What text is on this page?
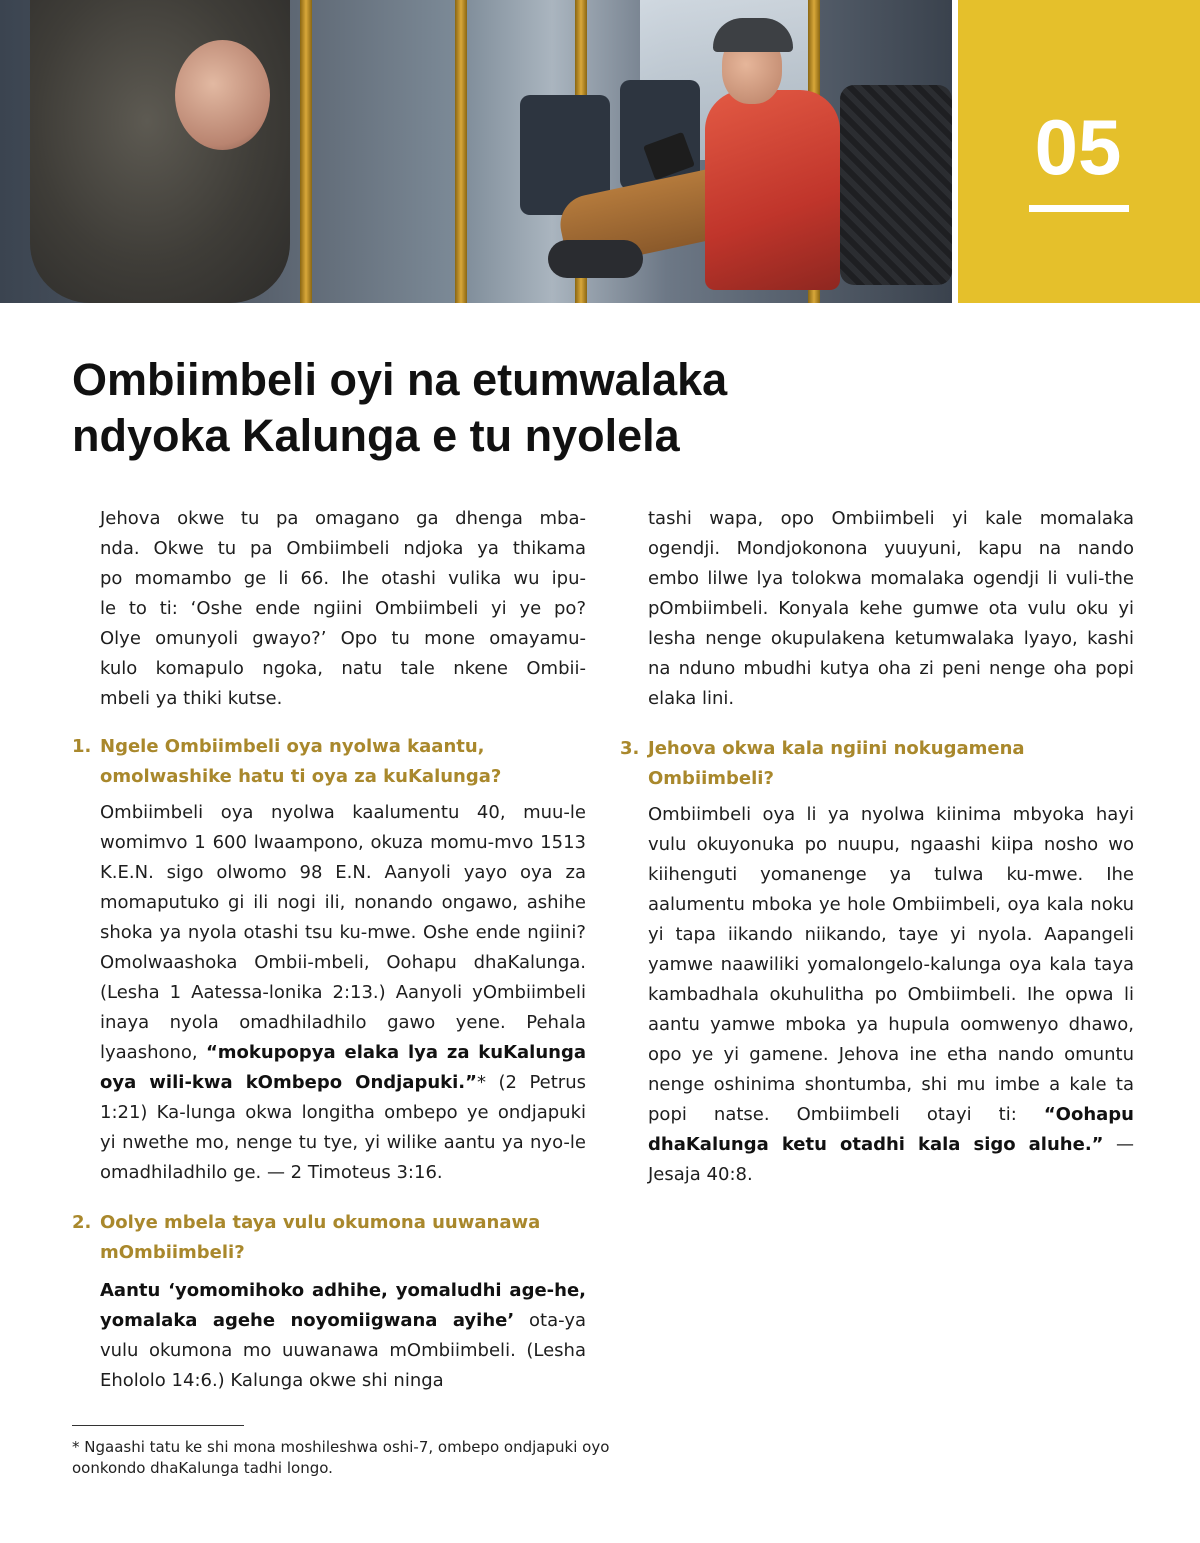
05
Ombiimbeli oyi na etumwalaka
ndyoka Kalunga e tu nyolela

Jehova okwe tu pa omagano ga dhenga mba-
nda. Okwe tu pa Ombiimbeli ndjoka ya thikama
po momambo ge li 66. Ihe otashi vulika wu ipu-
le to ti: ‘Oshe ende ngiini Ombiimbeli yi ye po?
Olye omunyoli gwayo?’ Opo tu mone omayamu-
kulo komapulo ngoka, natu tale nkene Ombii-
mbeli ya thiki kutse.

1. Ngele Ombiimbeli oya nyolwa kaantu,
omolwashike hatu ti oya za kuKalunga?

Ombiimbeli oya nyolwa kaalumentu 40, muu-le womimvo 1 600 lwaampono, okuza momu-mvo 1513 K.E.N. sigo olwomo 98 E.N. Aanyoli yayo oya za momaputuko gi ili nogi ili, nonando ongawo, ashihe shoka ya nyola otashi tsu ku-mwe. Oshe ende ngiini? Omolwaashoka Ombii-mbeli, Oohapu dhaKalunga. (Lesha 1 Aatessa-lonika 2:13.) Aanyoli yOmbiimbeli inaya nyola omadhiladhilo gawo yene. Pehala lyaashono, “mokupopya elaka lya za kuKalunga oya wili-kwa kOmbepo Ondjapuki.”* (2 Petrus 1:21) Ka-lunga okwa longitha ombepo ye ondjapuki yi nwethe mo, nenge tu tye, yi wilike aantu ya nyo-le omadhiladhilo ge. — 2 Timoteus 3:16.

2. Oolye mbela taya vulu okumona uuwanawa
mOmbiimbeli?

Aantu ‘yomomihoko adhihe, yomaludhi age-he, yomalaka agehe noyomiigwana ayihe’ ota-ya vulu okumona mo uuwanawa mOmbiimbeli. (Lesha Ehololo 14:6.) Kalunga okwe shi ninga

tashi wapa, opo Ombiimbeli yi kale momalaka ogendji. Mondjokonona yuuyuni, kapu na nando embo lilwe lya tolokwa momalaka ogendji li vuli-the pOmbiimbeli. Konyala kehe gumwe ota vulu oku yi lesha nenge okupulakena ketumwalaka lyayo, kashi na nduno mbudhi kutya oha zi peni nenge oha popi elaka lini.

3. Jehova okwa kala ngiini nokugamena
Ombiimbeli?

Ombiimbeli oya li ya nyolwa kiinima mbyoka hayi vulu okuyonuka po nuupu, ngaashi kiipa nosho wo kiihenguti yomanenge ya tulwa ku-mwe. Ihe aalumentu mboka ye hole Ombiimbeli, oya kala noku yi tapa iikando niikando, taye yi nyola. Aapangeli yamwe naawiliki yomalongelo-kalunga oya kala taya kambadhala okuhulitha po Ombiimbeli. Ihe opwa li aantu yamwe mboka ya hupula oomwenyo dhawo, opo ye yi gamene. Jehova ine etha nando omuntu nenge oshinima shontumba, shi mu imbe a kale ta popi natse. Ombiimbeli otayi ti: “Oohapu dhaKalunga ketu otadhi kala sigo aluhe.” — Jesaja 40:8.

* Ngaashi tatu ke shi mona moshileshwa oshi-7, ombepo ondjapuki oyo oonkondo dhaKalunga tadhi longo.
